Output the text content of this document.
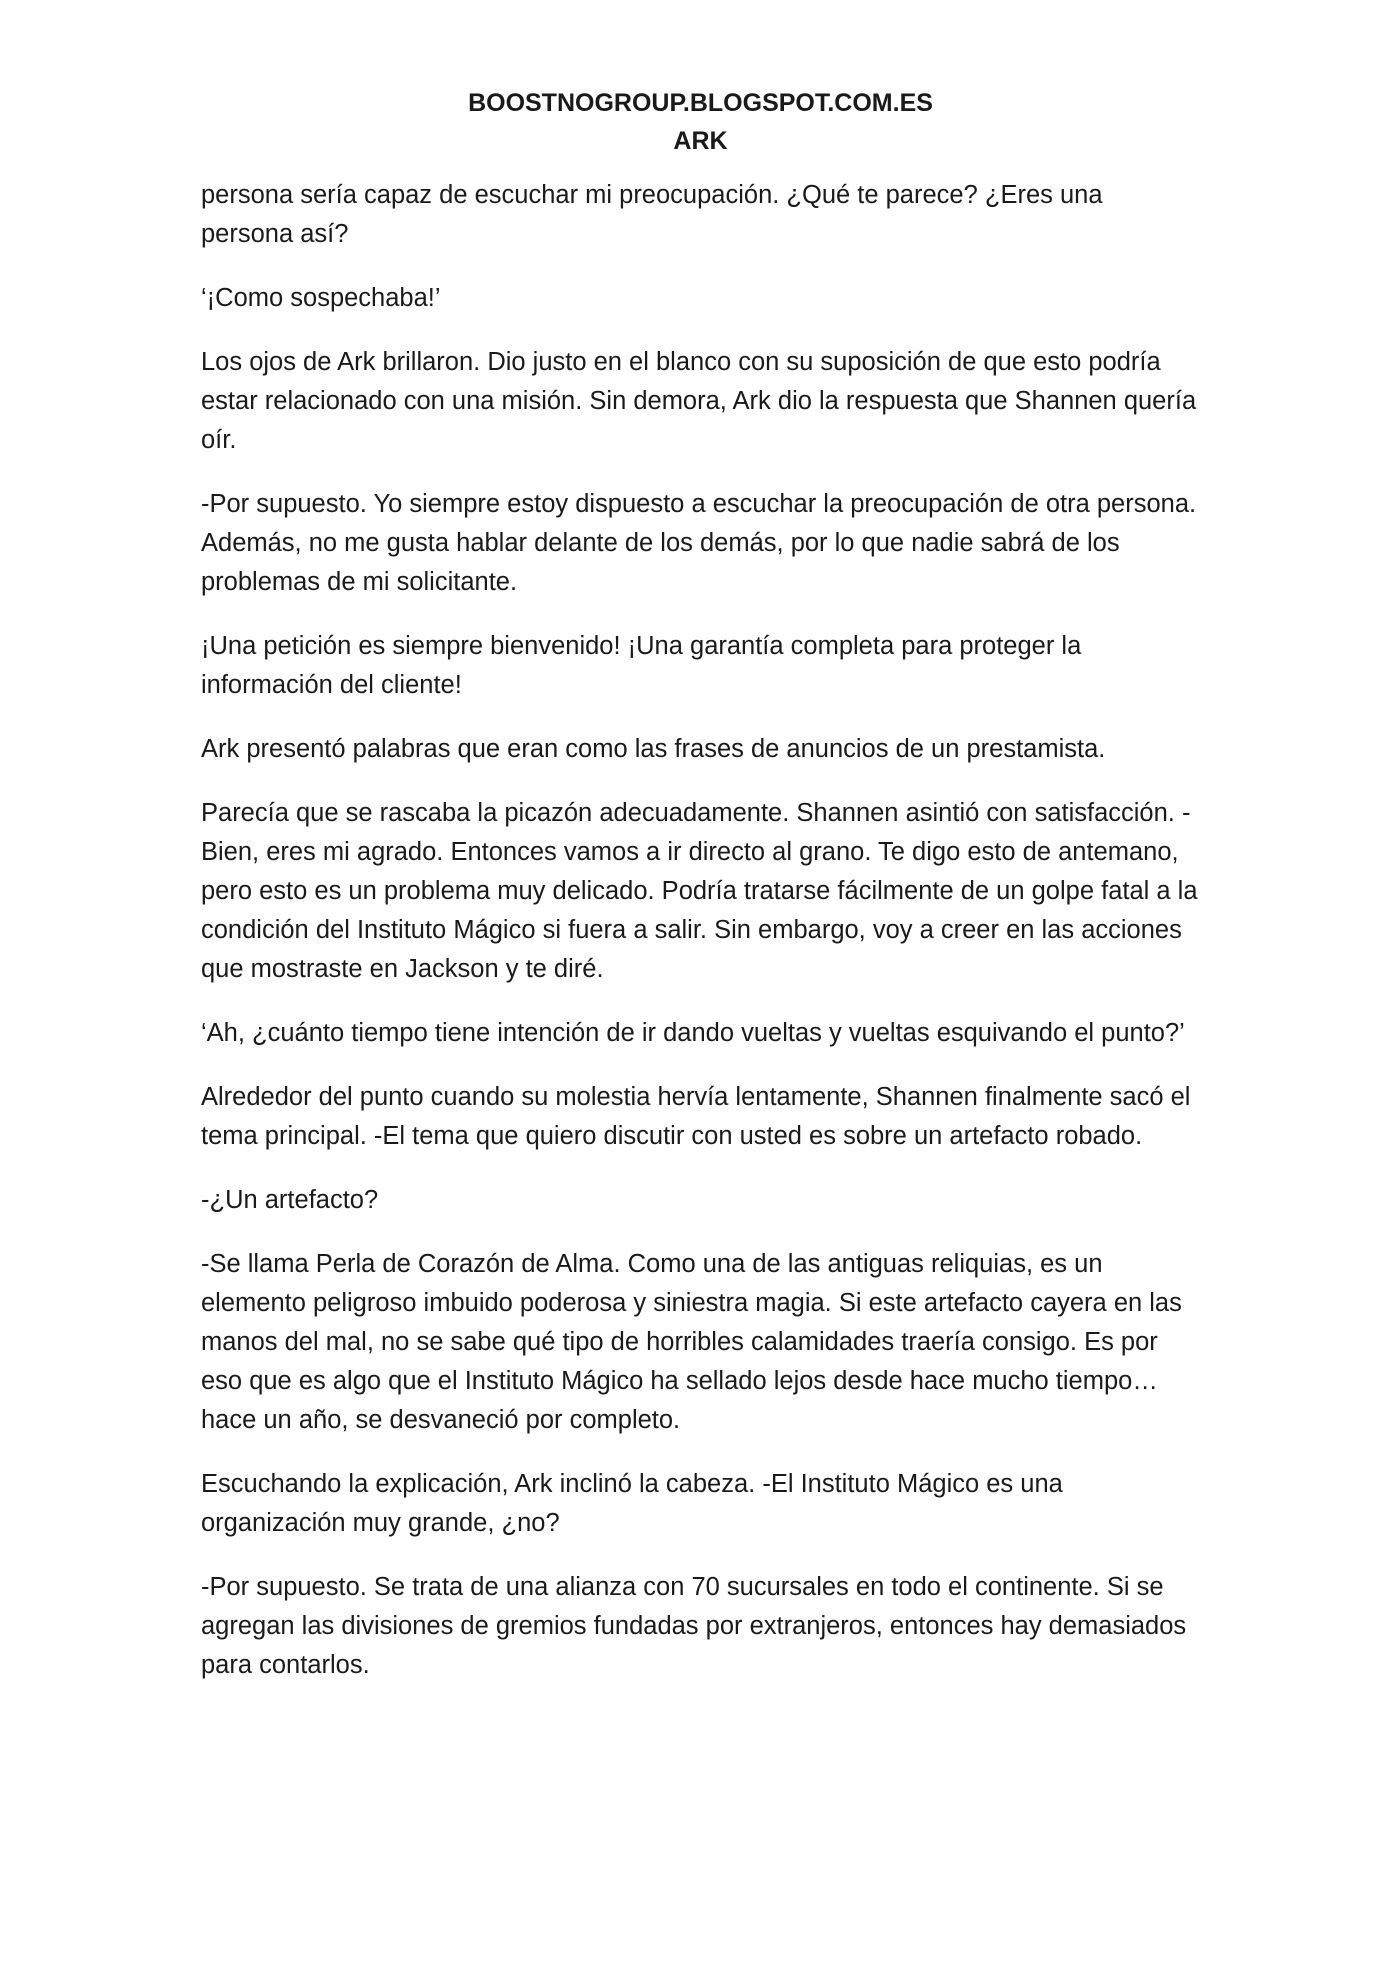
BOOSTNOGROUP.BLOGSPOT.COM.ES
ARK

persona sería capaz de escuchar mi preocupación. ¿Qué te parece? ¿Eres una persona así?

‘¡Como sospechaba!’

Los ojos de Ark brillaron. Dio justo en el blanco con su suposición de que esto podría estar relacionado con una misión. Sin demora, Ark dio la respuesta que Shannen quería oír.

-Por supuesto. Yo siempre estoy dispuesto a escuchar la preocupación de otra persona. Además, no me gusta hablar delante de los demás, por lo que nadie sabrá de los problemas de mi solicitante.

¡Una petición es siempre bienvenido! ¡Una garantía completa para proteger la información del cliente!

Ark presentó palabras que eran como las frases de anuncios de un prestamista.

Parecía que se rascaba la picazón adecuadamente. Shannen asintió con satisfacción. -Bien, eres mi agrado. Entonces vamos a ir directo al grano. Te digo esto de antemano, pero esto es un problema muy delicado. Podría tratarse fácilmente de un golpe fatal a la condición del Instituto Mágico si fuera a salir. Sin embargo, voy a creer en las acciones que mostraste en Jackson y te diré.

‘Ah, ¿cuánto tiempo tiene intención de ir dando vueltas y vueltas esquivando el punto?’

Alrededor del punto cuando su molestia hervía lentamente, Shannen finalmente sacó el tema principal. -El tema que quiero discutir con usted es sobre un artefacto robado.

-¿Un artefacto?

-Se llama Perla de Corazón de Alma. Como una de las antiguas reliquias, es un elemento peligroso imbuido poderosa y siniestra magia. Si este artefacto cayera en las manos del mal, no se sabe qué tipo de horribles calamidades traería consigo. Es por eso que es algo que el Instituto Mágico ha sellado lejos desde hace mucho tiempo… hace un año, se desvaneció por completo.

Escuchando la explicación, Ark inclinó la cabeza. -El Instituto Mágico es una organización muy grande, ¿no?

-Por supuesto. Se trata de una alianza con 70 sucursales en todo el continente. Si se agregan las divisiones de gremios fundadas por extranjeros, entonces hay demasiados para contarlos.
